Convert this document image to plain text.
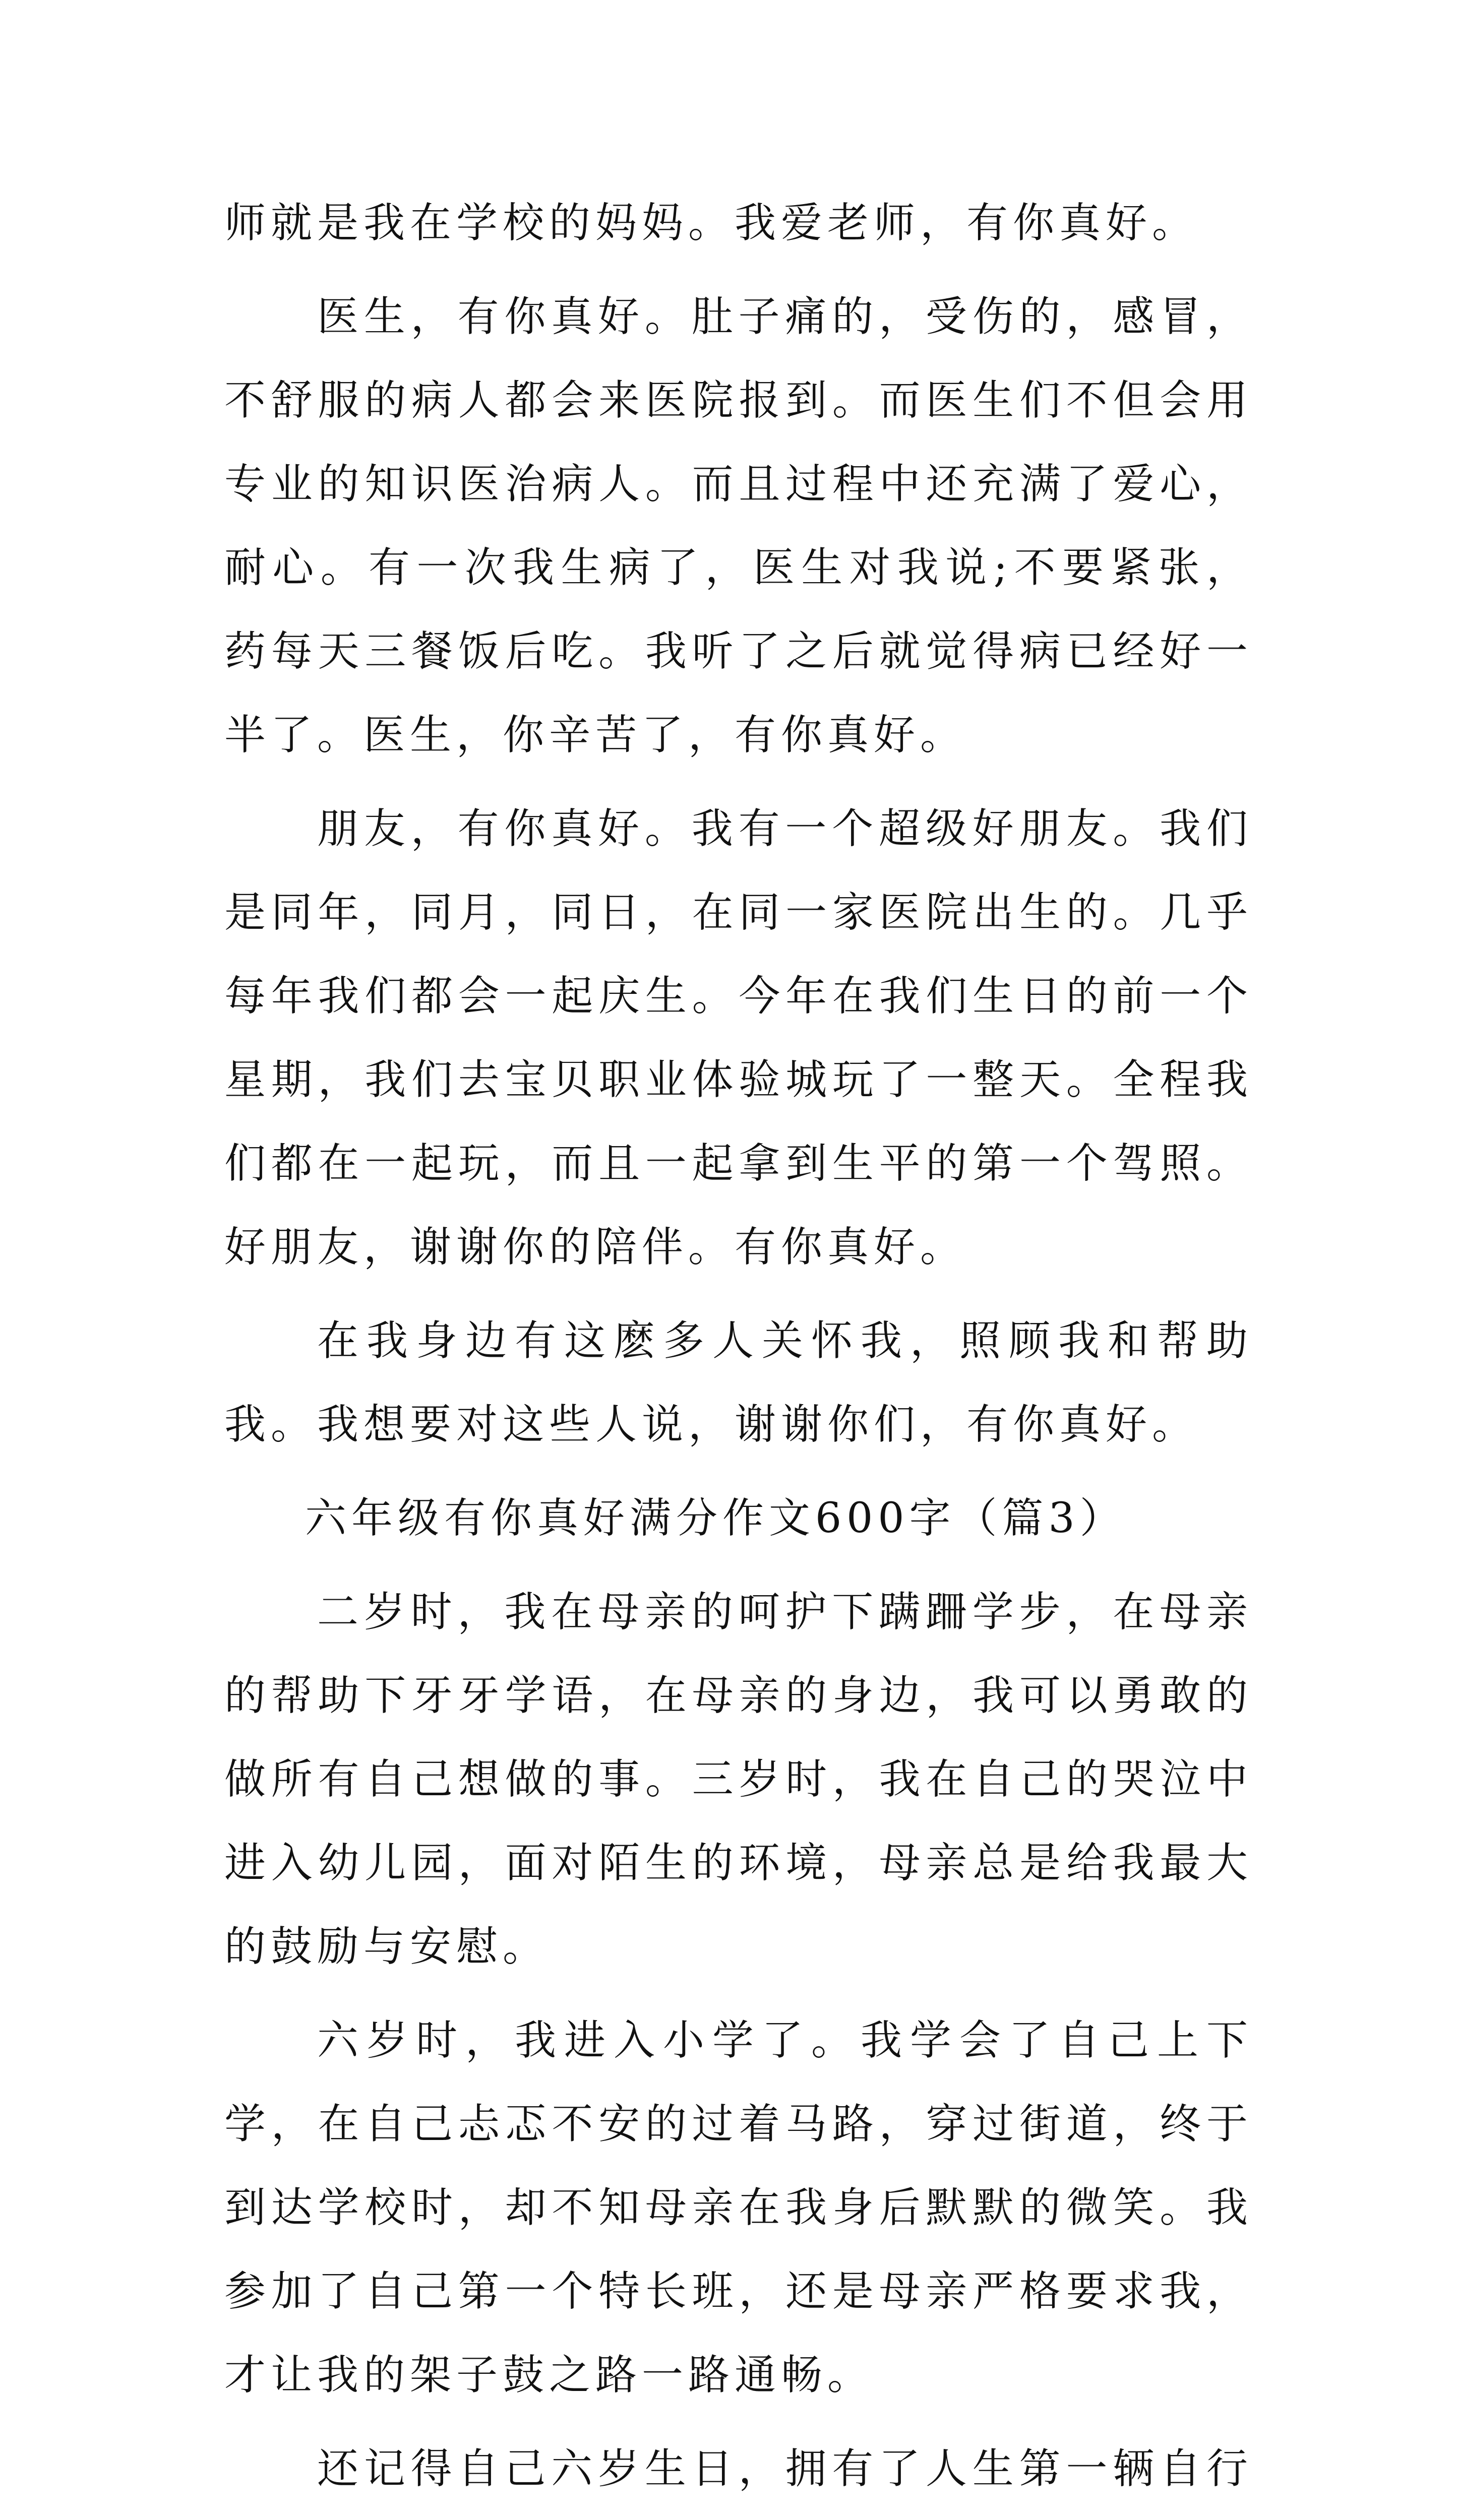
师就是我在学校的妈妈。我爱老师，有你真好。

医生，有你真好。肚子痛的，受伤的，感冒，不舒服的病人都会来医院报到。而医生们不但会用专业的知识医治病人。而且过程中还充满了爱心，耐心。有一次我生病了，医生对我说;不要紧张，药每天三餐饭后吃。我听了之后就觉得病已经好一半了。医生，你辛苦了，有你真好。

朋友，有你真好。我有一个超级好朋友。我们是同年，同月，同日，在同一家医院出生的。几乎每年我们都会一起庆生。今年在我们生日的前一个星期，我们去宝贝职业体验城玩了一整天。全程我们都在一起玩，而且一起拿到生平的第一个驾照。好朋友，谢谢你的陪伴。有你真好。

在我身边有这麽多人关怀我，照顾我和帮助我。我想要对这些人说，谢谢你们，有你真好。

六年级有你真好满分作文600字（篇3）

二岁时，我在母亲的呵护下蹒跚学步，在母亲的帮助下牙牙学语，在母亲的身边，我可以勇敢的做所有自己想做的事。三岁时，我在自己的哭泣中进入幼儿园，面对陌生的环境，母亲总是给我最大的鼓励与安慰。

六岁时，我进入小学了。我学会了自己上下学，在自己忐忑不安的过着马路，穿过街道，终于到达学校时，却不知母亲在我身后默默的微笑。我参加了自己第一个特长班，还是母亲严格要求我，才让我的架子鼓之路一路通畅。

还记得自己六岁生日，拥有了人生第一辆自行
